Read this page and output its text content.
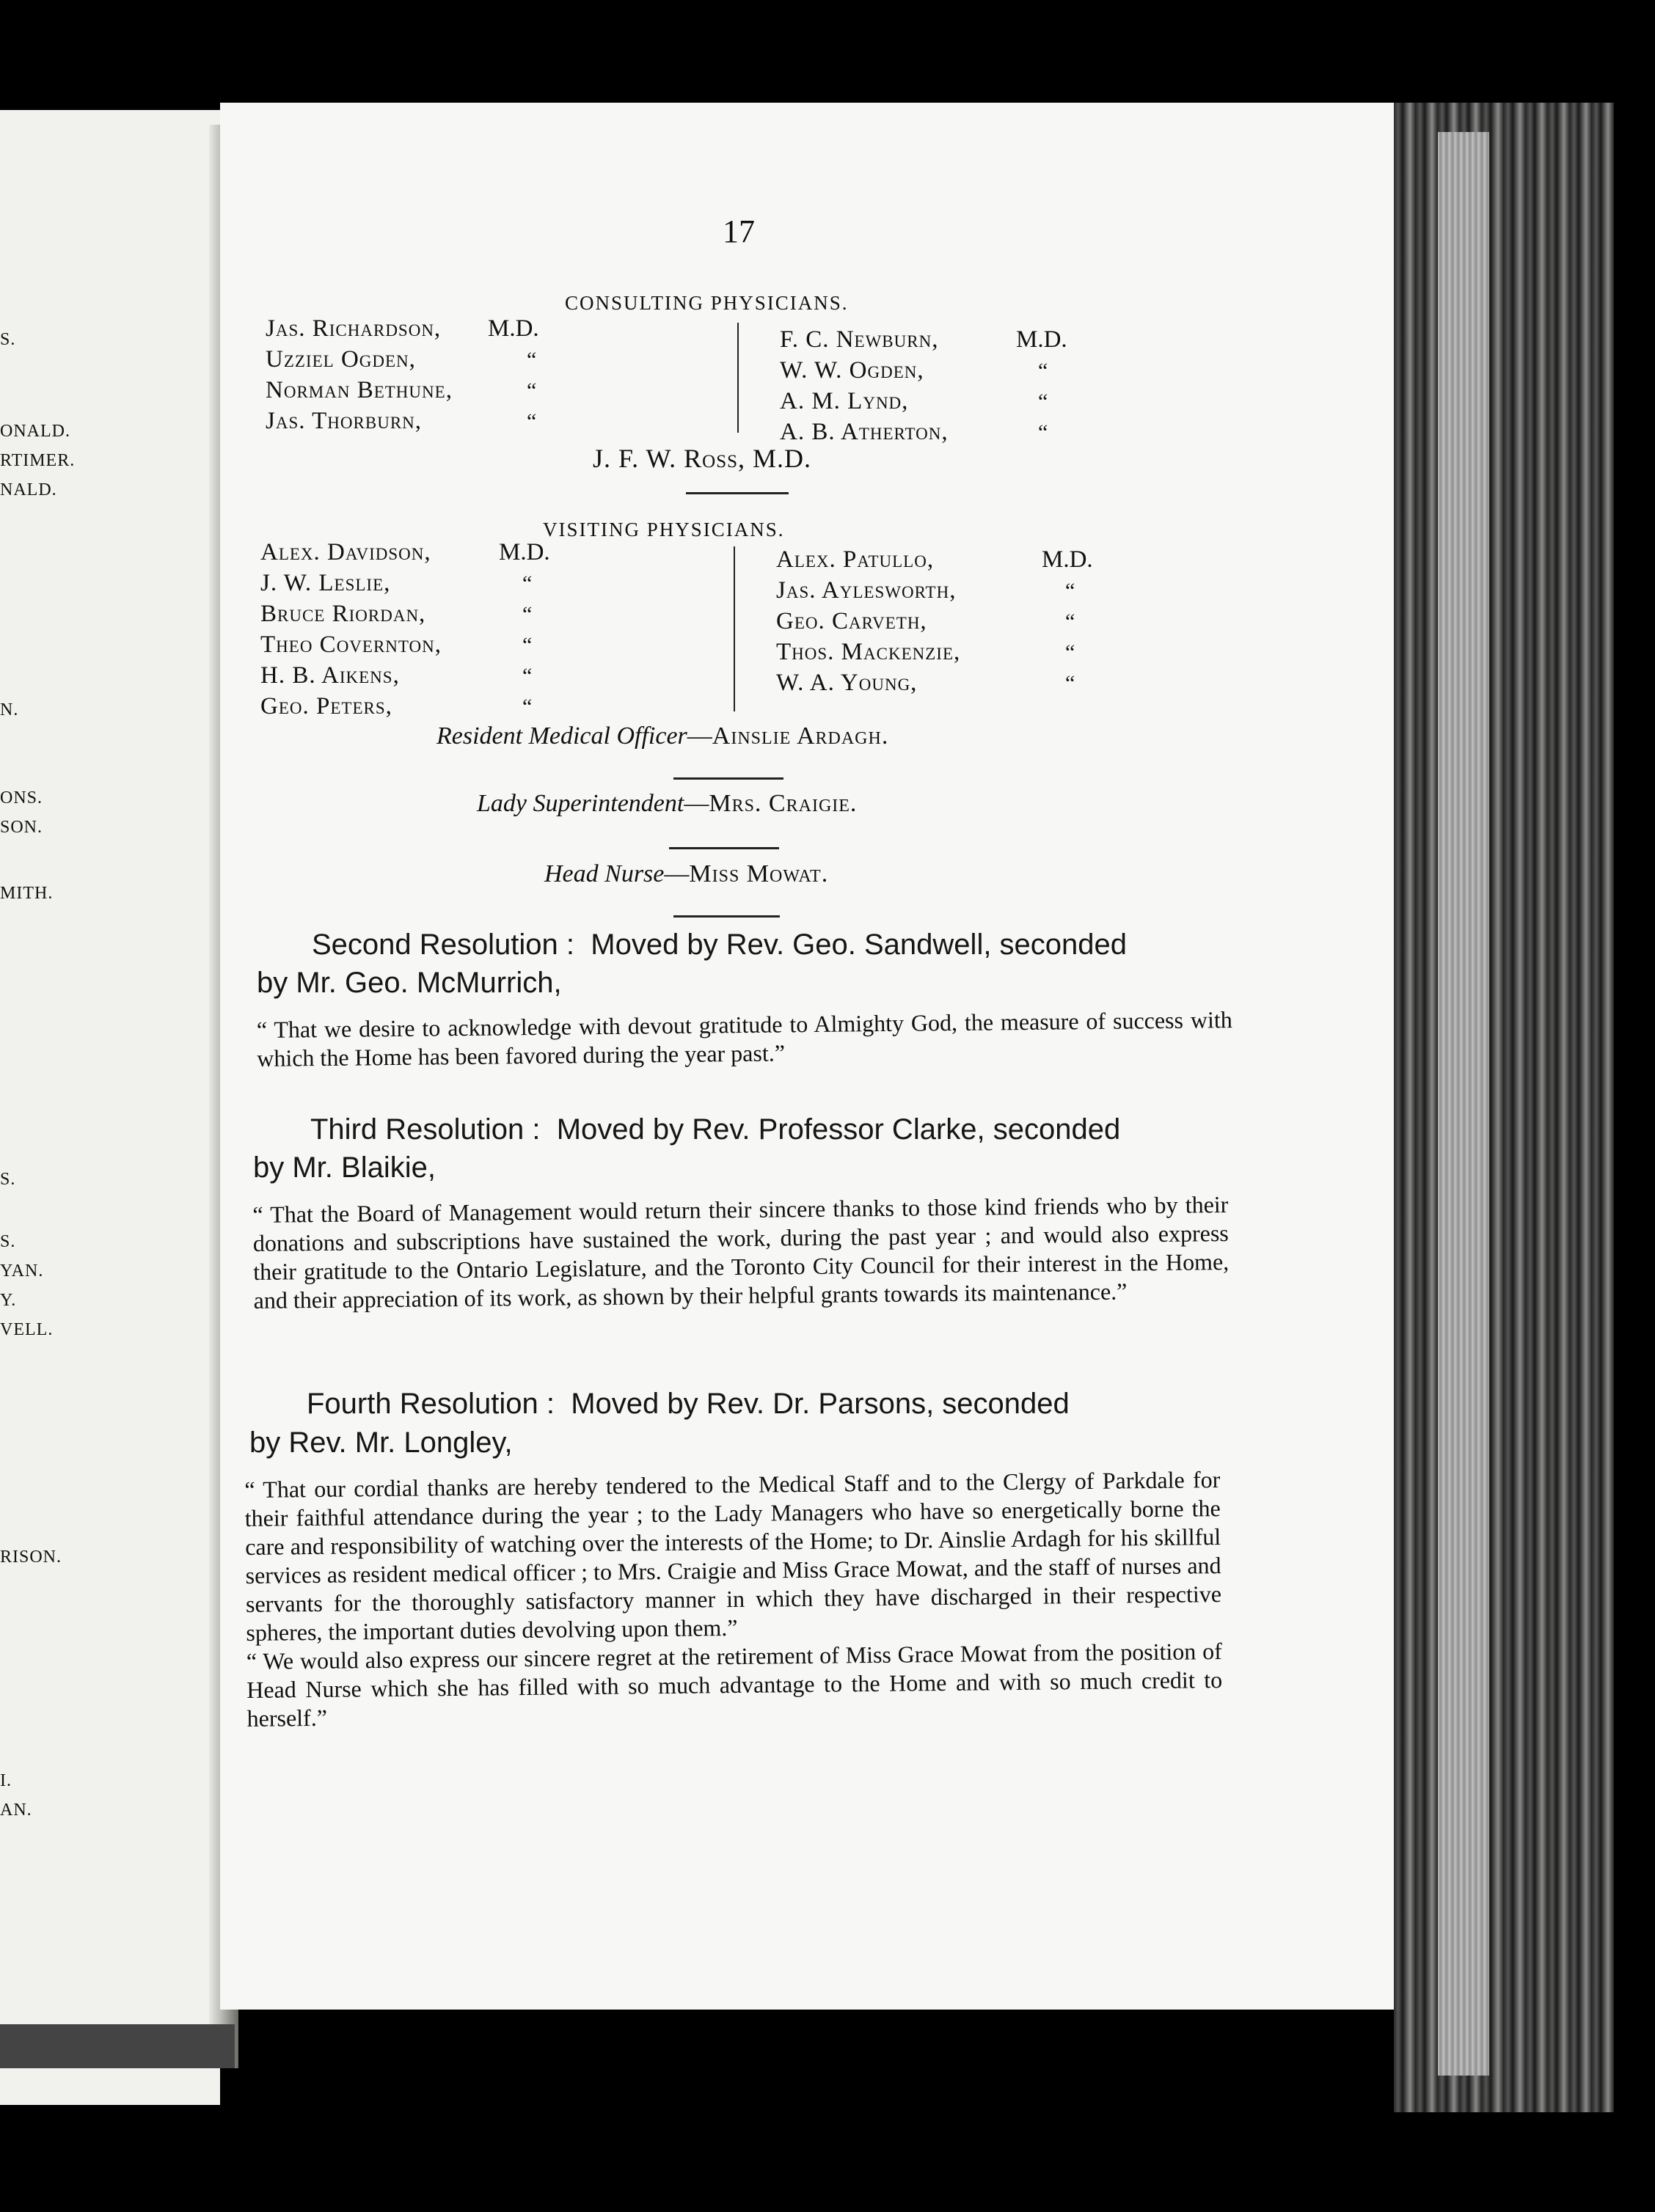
S.
ONALD.
RTIMER.
NALD.
N.
ONS.
SON.
MITH.
S.
S.
YAN.
Y.
VELL.
RISON.
I.
AN.
17
CONSULTING PHYSICIANS.
Jas. Richardson, M.D.
Uzziel Ogden,	“
Norman Bethune,	“
Jas. Thorburn,	“
F. C. Newburn,	M.D.
W. W. Ogden,	“
A. M. Lynd,	“
A. B. Atherton,	“
J. F. W. Ross, M.D.
VISITING PHYSICIANS.
Alex. Davidson,	M.D.
J. W. Leslie,	“
Bruce Riordan,	“
Theo Covernton,	“
H. B. Aikens,	“
Geo. Peters,	“
Alex. Patullo,	M.D.
Jas. Aylesworth,	“
Geo. Carveth,	“
Thos. Mackenzie,	“
W. A. Young,	“
Resident Medical Officer—Ainslie Ardagh.
Lady Superintendent—Mrs. Craigie.
Head Nurse—Miss Mowat.
Second Resolution : Moved by Rev. Geo. Sandwell, seconded
by Mr. Geo. McMurrich,

“ That we desire to acknowledge with devout gratitude to Almighty God, the measure of success with which the Home has been favored during the year past.”

Third Resolution : Moved by Rev. Professor Clarke, seconded
by Mr. Blaikie,

“ That the Board of Management would return their sincere thanks to those kind friends who by their donations and subscriptions have sustained the work, during the past year ; and would also express their gratitude to the Ontario Legislature, and the Toronto City Council for their interest in the Home, and their appreciation of its work, as shown by their helpful grants towards its maintenance.”

Fourth Resolution : Moved by Rev. Dr. Parsons, seconded
by Rev. Mr. Longley,

“ That our cordial thanks are hereby tendered to the Medical Staff and to the Clergy of Parkdale for their faithful attendance during the year ; to the Lady Managers who have so energetically borne the care and responsibility of watching over the interests of the Home; to Dr. Ainslie Ardagh for his skillful services as resident medical officer ; to Mrs. Craigie and Miss Grace Mowat, and the staff of nurses and servants for the thoroughly satisfactory manner in which they have discharged in their respective spheres, the important duties devolving upon them.”

“ We would also express our sincere regret at the retirement of Miss Grace Mowat from the position of Head Nurse which she has filled with so much advantage to the Home and with so much credit to herself.”
